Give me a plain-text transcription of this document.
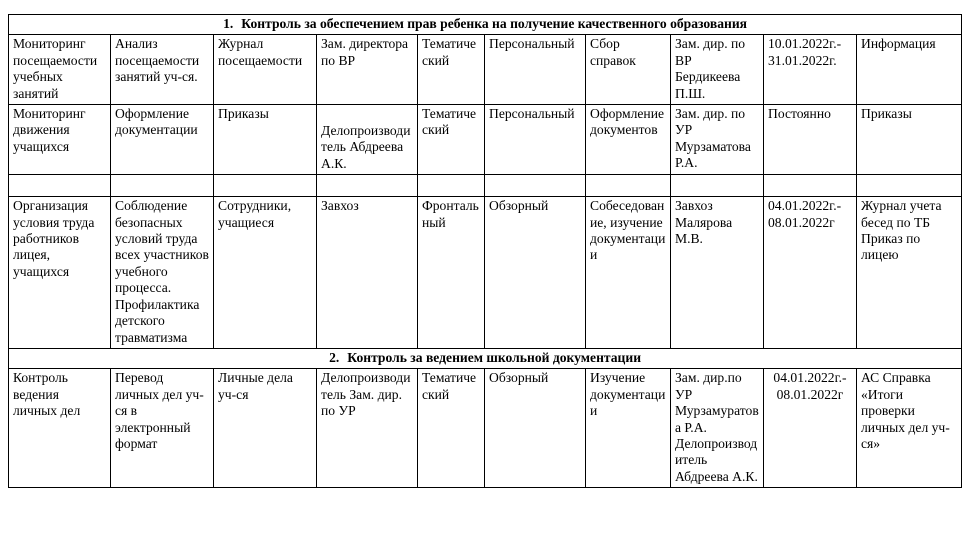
1. Контроль за обеспечением прав ребенка на получение качественного образования									
Мониторинг посещаемости учебных занятий	Анализ посещаемости занятий уч-ся.	Журнал посещаемости	Зам. директора по ВР	Тематический	Персональный	Сбор справок	Зам. дир. по ВР Бердикеева П.Ш.	10.01.2022г.- 31.01.2022г.	Информация
Мониторинг движения учащихся	Оформление документации	Приказы	Делопроизводитель Абдреева А.К.	Тематический	Персональный	Оформление документов	Зам. дир. по УР Мурзаматова Р.А.	Постоянно	Приказы

Организация условия труда работников лицея, учащихся	Соблюдение безопасных условий труда всех участников учебного процесса. Профилактика детского травматизма	Сотрудники, учащиеся	Завхоз	Фронтальный	Обзорный	Собеседование, изучение документации	Завхоз Малярова М.В.	04.01.2022г.- 08.01.2022г	Журнал учета бесед по ТБ Приказ по лицею
2. Контроль за ведением школьной документации									
Контроль ведения личных дел	Перевод личных дел уч-ся в электронный формат	Личные дела уч-ся	Делопроизводитель Зам. дир. по УР	Тематический	Обзорный	Изучение документации	Зам. дир.по УР Мурзамуратова Р.А. Делопроизводитель Абдреева А.К.	04.01.2022г.- 08.01.2022г	АС Справка «Итоги проверки личных дел уч-ся»
